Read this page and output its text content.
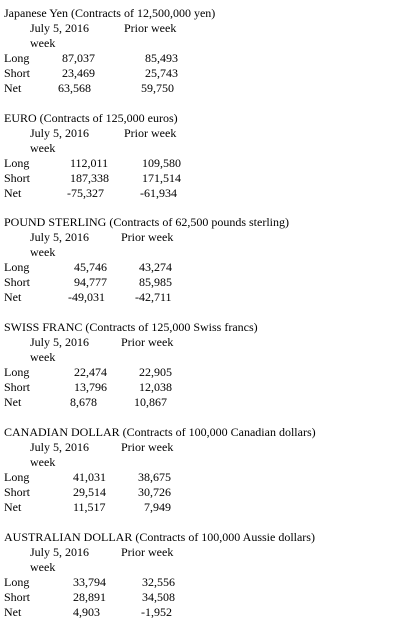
Japanese Yen (Contracts of 12,500,000 yen)
July 5, 2016	Prior week
week
Long	87,037	85,493
Short	23,469	25,743
Net	63,568	59,750
EURO (Contracts of 125,000 euros)
July 5, 2016	Prior week
week
Long	112,011	109,580
Short	187,338	171,514
Net	-75,327	-61,934
POUND STERLING (Contracts of 62,500 pounds sterling)
July 5, 2016	Prior week
week
Long	45,746	43,274
Short	94,777	85,985
Net	-49,031	-42,711
SWISS FRANC (Contracts of 125,000 Swiss francs)
July 5, 2016	Prior week
week
Long	22,474	22,905
Short	13,796	12,038
Net	8,678	10,867
CANADIAN DOLLAR (Contracts of 100,000 Canadian dollars)
July 5, 2016	Prior week
week
Long	41,031	38,675
Short	29,514	30,726
Net	11,517	7,949
AUSTRALIAN DOLLAR (Contracts of 100,000 Aussie dollars)
July 5, 2016	Prior week
week
Long	33,794	32,556
Short	28,891	34,508
Net	4,903	-1,952
